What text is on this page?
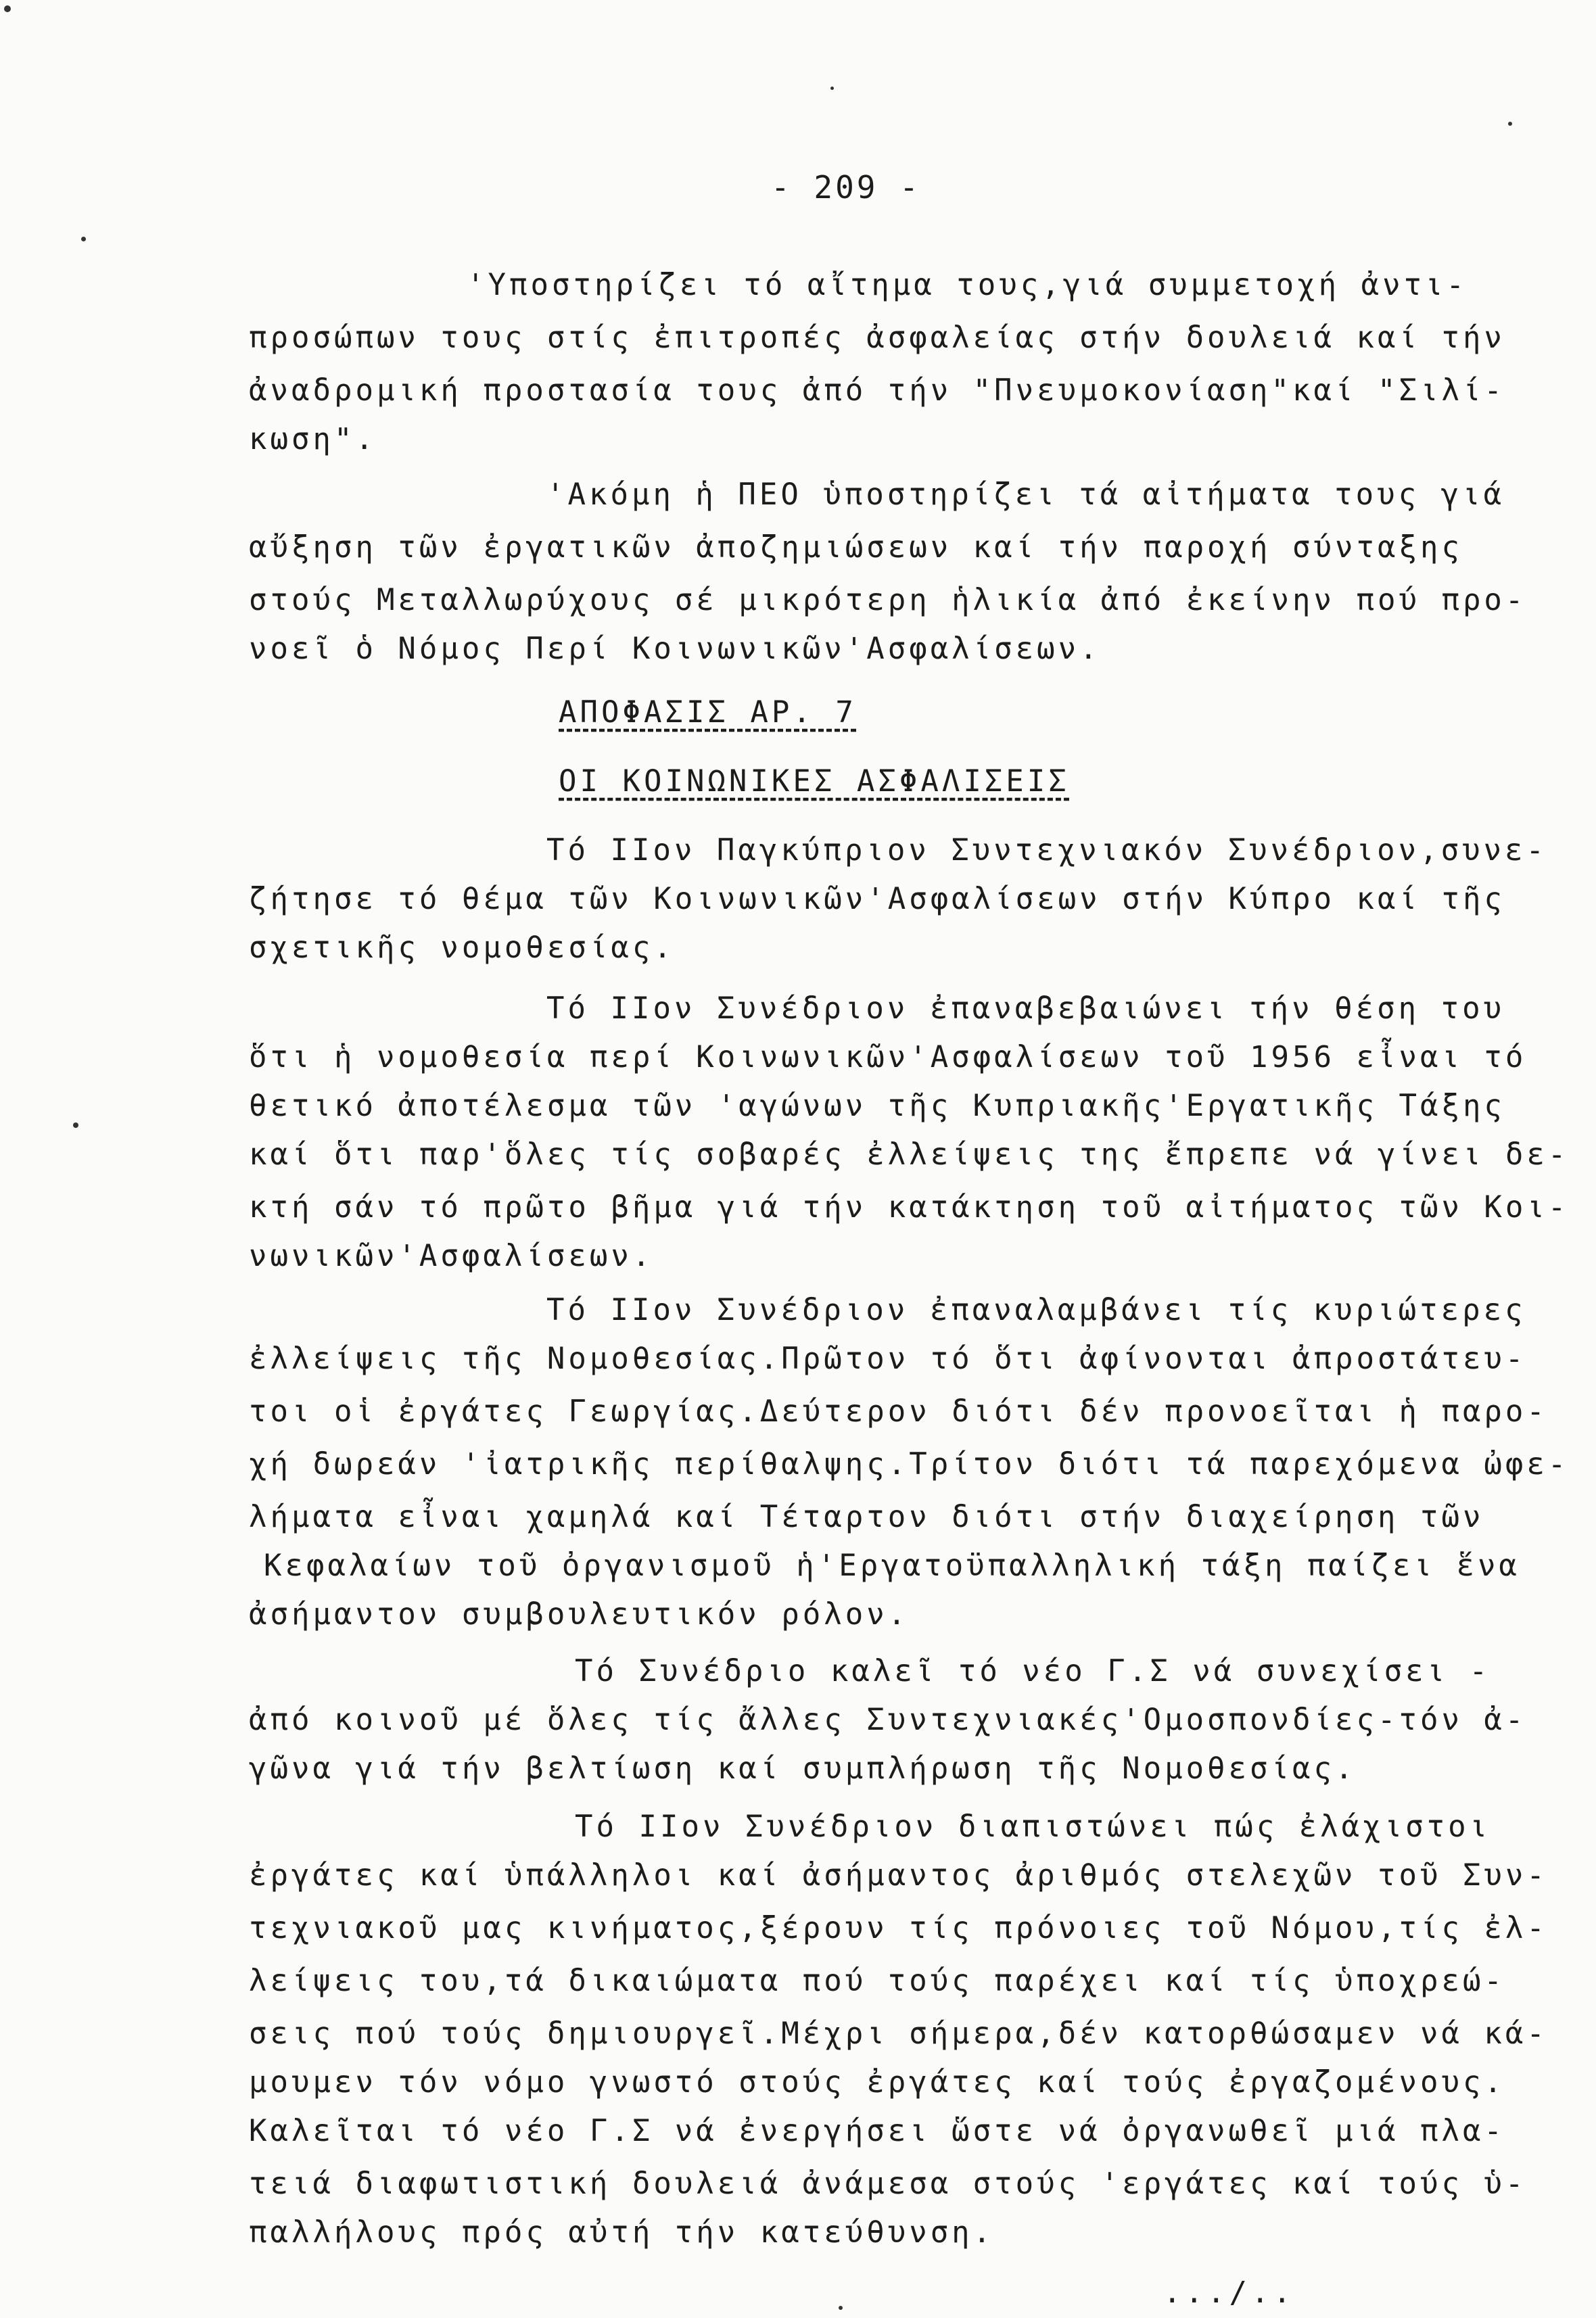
- 209 -
'Υποστηρίζει τό αἴτημα τους,γιά συμμετοχή ἀντι-
προσώπων τους στίς ἐπιτροπές ἀσφαλείας στήν δουλειά καί τήν
ἀναδρομική προστασία τους ἀπό τήν "Πνευμοκονίαση"καί "Σιλί-
κωση".
'Ακόμη ἡ ΠΕΟ ὑποστηρίζει τά αἰτήματα τους γιά
αὔξηση τῶν ἐργατικῶν ἀποζημιώσεων καί τήν παροχή σύνταξης
στούς Μεταλλωρύχους σέ μικρότερη ἡλικία ἀπό ἐκείνην πού προ-
νοεῖ ὁ Νόμος Περί Κοινωνικῶν'Ασφαλίσεων.
ΑΠΟΦΑΣΙΣ ΑΡ. 7
ΟΙ ΚΟΙΝΩΝΙΚΕΣ ΑΣΦΑΛΙΣΕΙΣ
Τό ΙΙον Παγκύπριον Συντεχνιακόν Συνέδριον,συνε-
ζήτησε τό θέμα τῶν Κοινωνικῶν'Ασφαλίσεων στήν Κύπρο καί τῆς
σχετικῆς νομοθεσίας.
Τό ΙΙον Συνέδριον ἐπαναβεβαιώνει τήν θέση του
ὅτι ἡ νομοθεσία περί Κοινωνικῶν'Ασφαλίσεων τοῦ 1956 εἶναι τό
θετικό ἀποτέλεσμα τῶν 'αγώνων τῆς Κυπριακῆς'Εργατικῆς Τάξης
καί ὅτι παρ'ὅλες τίς σοβαρές ἐλλείψεις της ἔπρεπε νά γίνει δε-
κτή σάν τό πρῶτο βῆμα γιά τήν κατάκτηση τοῦ αἰτήματος τῶν Κοι-
νωνικῶν'Ασφαλίσεων.
Τό ΙΙον Συνέδριον ἐπαναλαμβάνει τίς κυριώτερες
ἐλλείψεις τῆς Νομοθεσίας.Πρῶτον τό ὅτι ἀφίνονται ἀπροστάτευ-
τοι οἱ ἐργάτες Γεωργίας.Δεύτερον διότι δέν προνοεῖται ἡ παρο-
χή δωρεάν 'ἰατρικῆς περίθαλψης.Τρίτον διότι τά παρεχόμενα ὠφε-
λήματα εἶναι χαμηλά καί Τέταρτον διότι στήν διαχείρηση τῶν
Κεφαλαίων τοῦ ὀργανισμοῦ ἡ'Εργατοϋπαλληλική τάξη παίζει ἕνα
ἀσήμαντον συμβουλευτικόν ρόλον.
Τό Συνέδριο καλεῖ τό νέο Γ.Σ νά συνεχίσει -
ἀπό κοινοῦ μέ ὅλες τίς ἄλλες Συντεχνιακές'Ομοσπονδίες-τόν ἀ-
γῶνα γιά τήν βελτίωση καί συμπλήρωση τῆς Νομοθεσίας.
Τό ΙΙον Συνέδριον διαπιστώνει πώς ἐλάχιστοι
ἐργάτες καί ὑπάλληλοι καί ἀσήμαντος ἀριθμός στελεχῶν τοῦ Συν-
τεχνιακοῦ μας κινήματος,ξέρουν τίς πρόνοιες τοῦ Νόμου,τίς ἐλ-
λείψεις του,τά δικαιώματα πού τούς παρέχει καί τίς ὑποχρεώ-
σεις πού τούς δημιουργεῖ.Μέχρι σήμερα,δέν κατορθώσαμεν νά κά-
μουμεν τόν νόμο γνωστό στούς ἐργάτες καί τούς ἐργαζομένους.
Καλεῖται τό νέο Γ.Σ νά ἐνεργήσει ὥστε νά ὀργανωθεῖ μιά πλα-
τειά διαφωτιστική δουλειά ἀνάμεσα στούς 'εργάτες καί τούς ὑ-
παλλήλους πρός αὐτή τήν κατεύθυνση.
.../..
